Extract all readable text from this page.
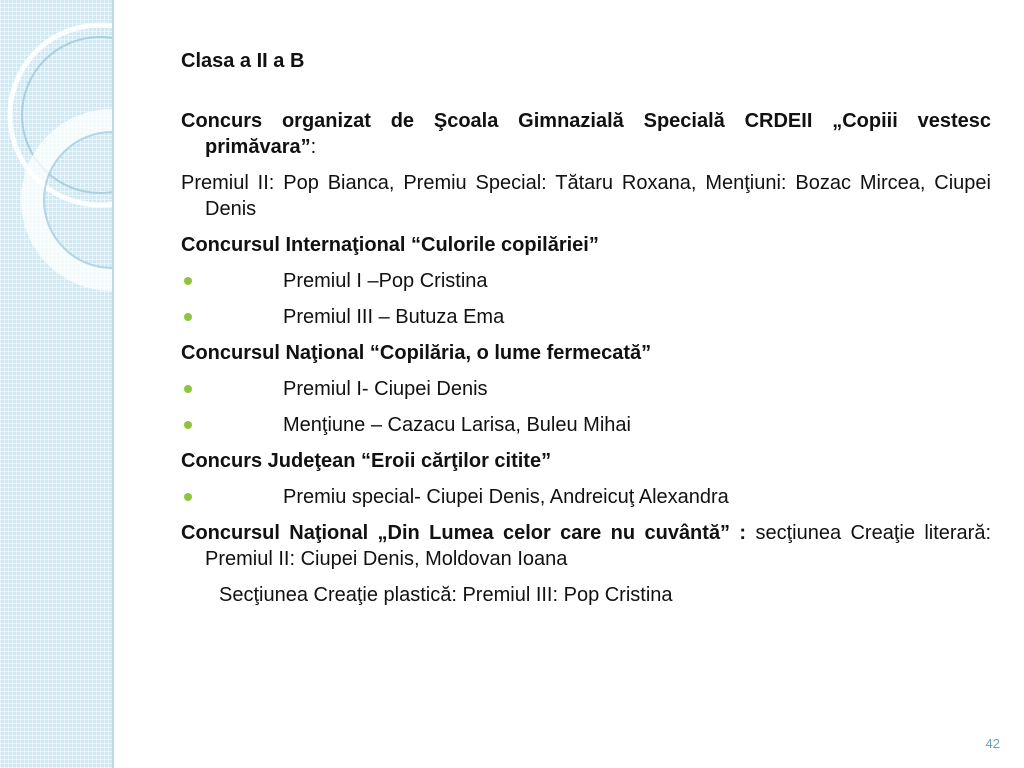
Clasa a II a B

Concurs organizat de Şcoala Gimnazială Specială CRDEII „Copiii vestesc primăvara”:

Premiul II: Pop Bianca, Premiu Special: Tătaru Roxana, Menţiuni: Bozac Mircea, Ciupei Denis

Concursul Internaţional “Culorile copilăriei”

Premiul I –Pop Cristina
Premiul III – Butuza Ema

Concursul Naţional “Copilăria, o lume fermecată”

Premiul I- Ciupei Denis
Menţiune – Cazacu Larisa, Buleu Mihai

Concurs Judeţean “Eroii cărţilor citite”

Premiu special- Ciupei Denis, Andreicuţ Alexandra

Concursul Naţional „Din Lumea celor care nu cuvântă” : secţiunea Creaţie literară: Premiul II: Ciupei Denis, Moldovan Ioana

Secţiunea Creaţie plastică: Premiul III: Pop Cristina

42
